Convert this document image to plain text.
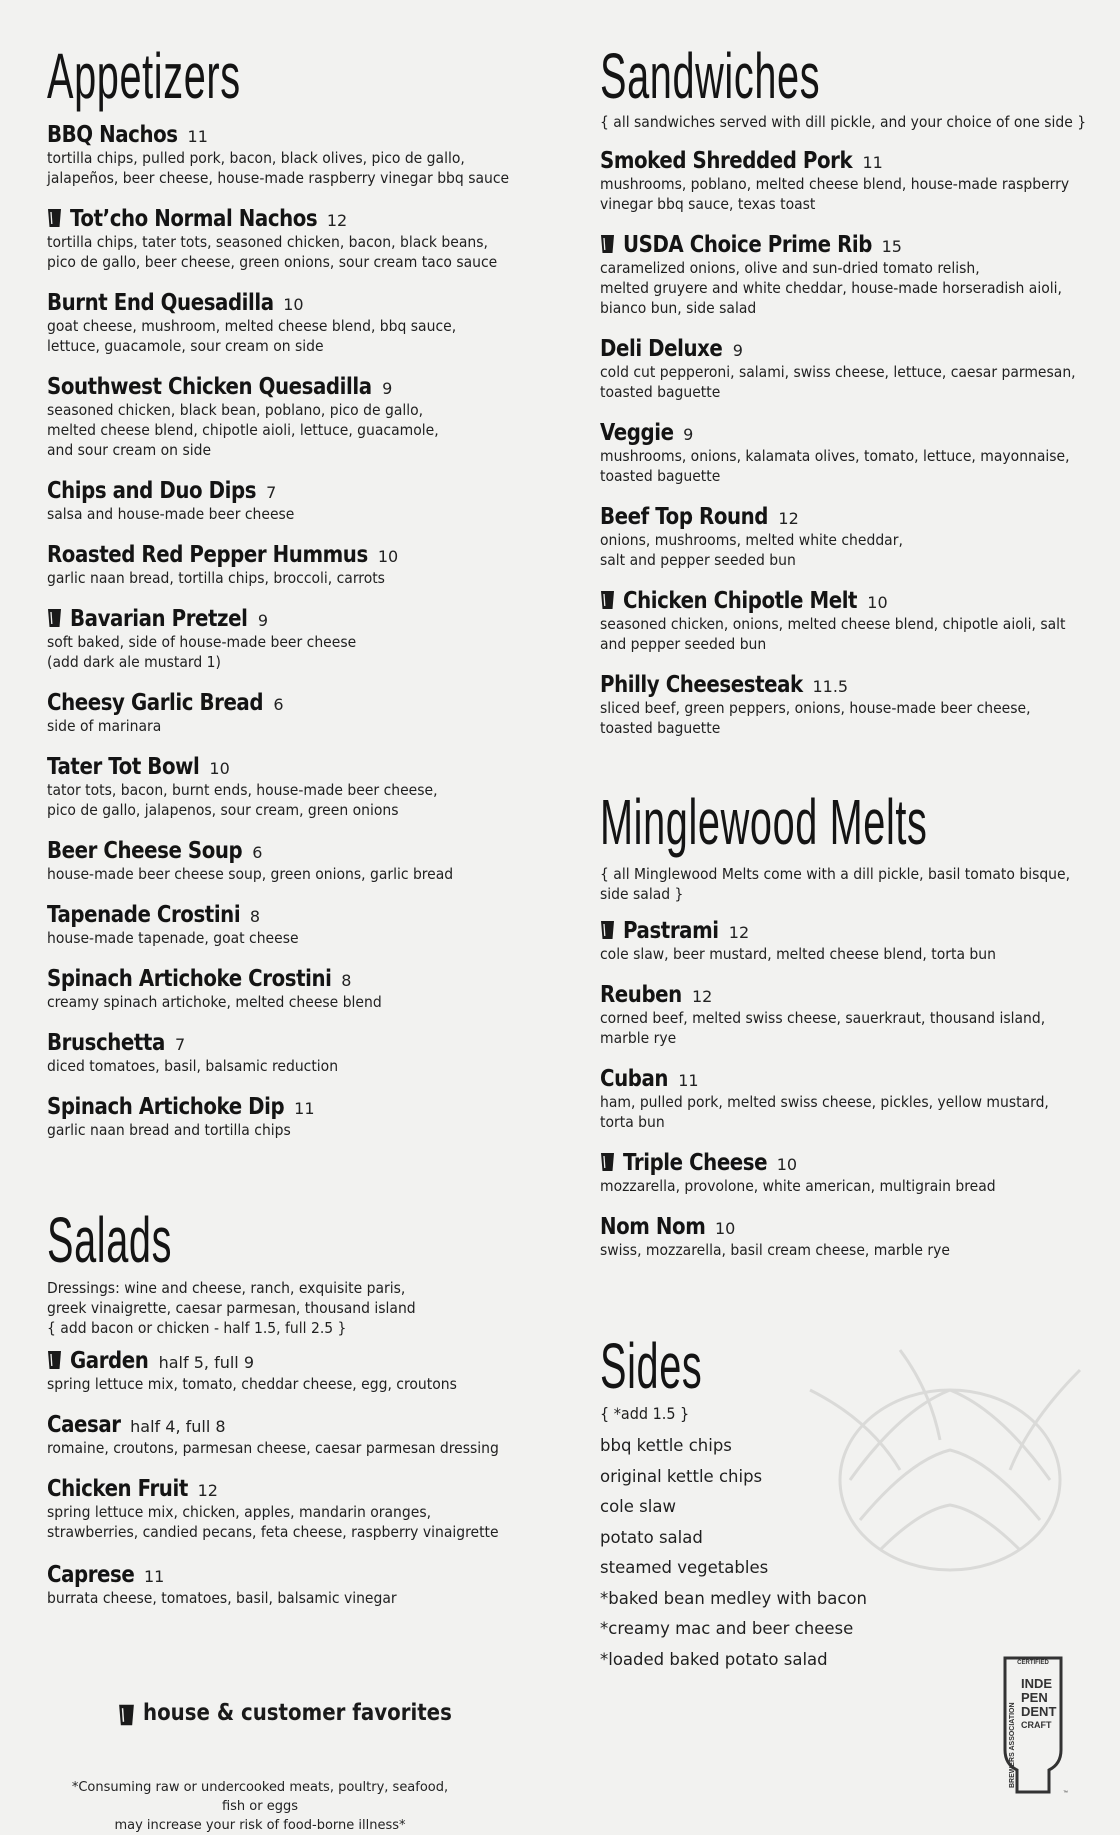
Appetizers
BBQ Nachos 11
tortilla chips, pulled pork, bacon, black olives, pico de gallo,
jalapeños, beer cheese, house-made raspberry vinegar bbq sauce
Tot’cho Normal Nachos 12
tortilla chips, tater tots, seasoned chicken, bacon, black beans,
pico de gallo, beer cheese, green onions, sour cream taco sauce
Burnt End Quesadilla 10
goat cheese, mushroom, melted cheese blend, bbq sauce,
lettuce, guacamole, sour cream on side
Southwest Chicken Quesadilla 9
seasoned chicken, black bean, poblano, pico de gallo,
melted cheese blend, chipotle aioli, lettuce, guacamole,
and sour cream on side
Chips and Duo Dips 7
salsa and house-made beer cheese
Roasted Red Pepper Hummus 10
garlic naan bread, tortilla chips, broccoli, carrots
Bavarian Pretzel 9
soft baked, side of house-made beer cheese
(add dark ale mustard 1)
Cheesy Garlic Bread 6
side of marinara
Tater Tot Bowl 10
tator tots, bacon, burnt ends, house-made beer cheese,
pico de gallo, jalapenos, sour cream, green onions
Beer Cheese Soup 6
house-made beer cheese soup, green onions, garlic bread
Tapenade Crostini 8
house-made tapenade, goat cheese
Spinach Artichoke Crostini 8
creamy spinach artichoke, melted cheese blend
Bruschetta 7
diced tomatoes, basil, balsamic reduction
Spinach Artichoke Dip 11
garlic naan bread and tortilla chips
Salads
Dressings: wine and cheese, ranch, exquisite paris,
greek vinaigrette, caesar parmesan, thousand island
{ add bacon or chicken - half 1.5, full 2.5 }
Garden half 5, full 9
spring lettuce mix, tomato, cheddar cheese, egg, croutons
Caesar half 4, full 8
romaine, croutons, parmesan cheese, caesar parmesan dressing
Chicken Fruit 12
spring lettuce mix, chicken, apples, mandarin oranges,
strawberries, candied pecans, feta cheese, raspberry vinaigrette
Caprese 11
burrata cheese, tomatoes, basil, balsamic vinegar
Sandwiches
{ all sandwiches served with dill pickle, and your choice of one side }
Smoked Shredded Pork 11
mushrooms, poblano, melted cheese blend, house-made raspberry
vinegar bbq sauce, texas toast
USDA Choice Prime Rib 15
caramelized onions, olive and sun-dried tomato relish,
melted gruyere and white cheddar, house-made horseradish aioli,
bianco bun, side salad
Deli Deluxe 9
cold cut pepperoni, salami, swiss cheese, lettuce, caesar parmesan,
toasted baguette
Veggie 9
mushrooms, onions, kalamata olives, tomato, lettuce, mayonnaise,
toasted baguette
Beef Top Round 12
onions, mushrooms, melted white cheddar,
salt and pepper seeded bun
Chicken Chipotle Melt 10
seasoned chicken, onions, melted cheese blend, chipotle aioli, salt
and pepper seeded bun
Philly Cheesesteak 11.5
sliced beef, green peppers, onions, house-made beer cheese,
toasted baguette
Minglewood Melts
{ all Minglewood Melts come with a dill pickle, basil tomato bisque,
side salad }
Pastrami 12
cole slaw, beer mustard, melted cheese blend, torta bun
Reuben 12
corned beef, melted swiss cheese, sauerkraut, thousand island,
marble rye
Cuban 11
ham, pulled pork, melted swiss cheese, pickles, yellow mustard,
torta bun
Triple Cheese 10
mozzarella, provolone, white american, multigrain bread
Nom Nom 10
swiss, mozzarella, basil cream cheese, marble rye
Sides
{ *add 1.5 }
bbq kettle chips
original kettle chips
cole slaw
potato salad
steamed vegetables
*baked bean medley with bacon
*creamy mac and beer cheese
*loaded baked potato salad
house & customer favorites
*Consuming raw or undercooked meats, poultry, seafood, fish or eggs
may increase your risk of food-borne illness*
CERTIFIED
INDE
PEN
DENT
CRAFT
BREWERS ASSOCIATION
™
